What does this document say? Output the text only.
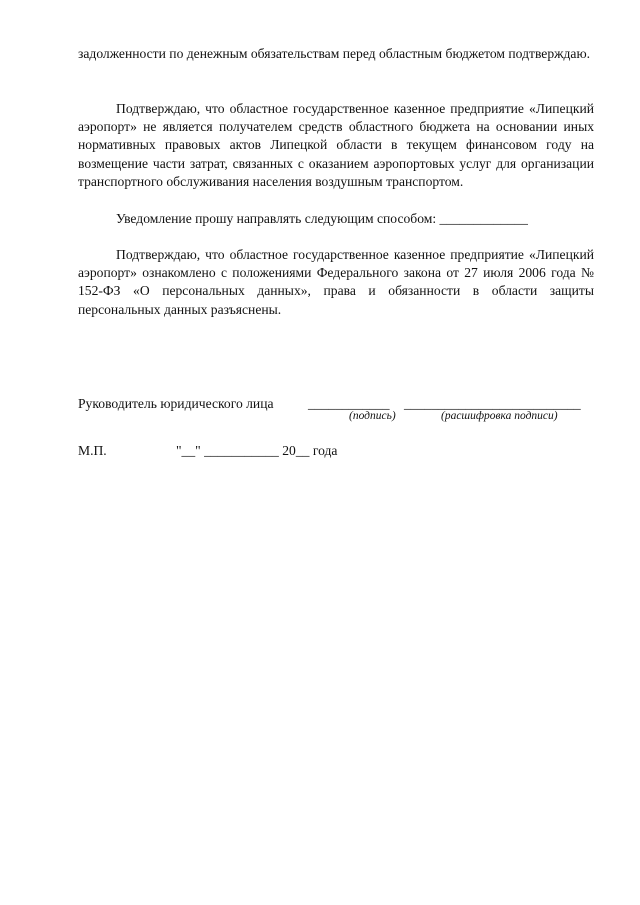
задолженности по денежным обязательствам перед областным бюджетом подтверждаю.
Подтверждаю, что областное государственное казенное предприятие «Липецкий аэропорт» не является получателем средств областного бюджета на основании иных нормативных правовых актов Липецкой области в текущем финансовом году на возмещение части затрат, связанных с оказанием аэропортовых услуг для организации транспортного обслуживания населения воздушным транспортом.
Уведомление прошу направлять следующим способом: _____________
Подтверждаю, что областное государственное казенное предприятие «Липецкий аэропорт» ознакомлено с положениями Федерального закона от 27 июля 2006 года № 152-ФЗ «О персональных данных», права и обязанности в области защиты персональных данных разъяснены.
Руководитель юридического лица	____________ __________________________
(подпись)	(расшифровка подписи)
М.П.	"__" ___________ 20__ года
